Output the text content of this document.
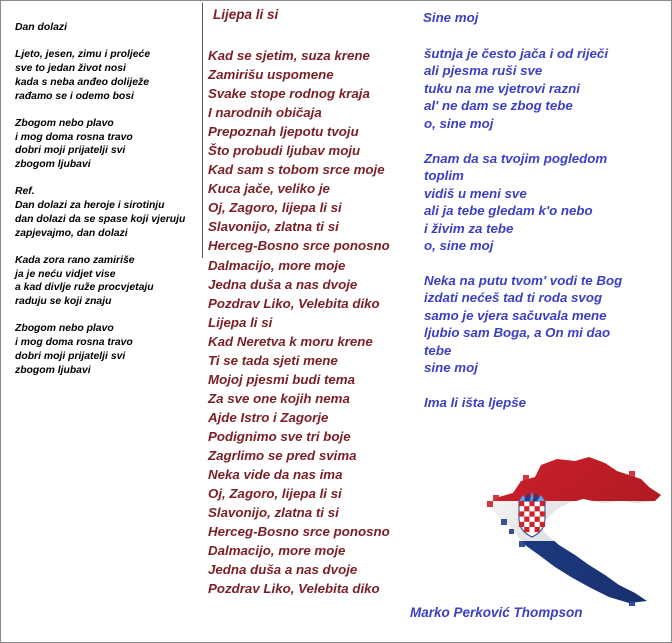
Dan dolazi

Ljeto, jesen, zimu i proljeće
sve to jedan život nosi
kada s neba anđeo doliježe
rađamo se i odemo bosi

Zbogom nebo plavo
i mog doma rosna travo
dobri moji prijatelji svi
zbogom ljubavi

Ref.
Dan dolazi za heroje i sirotinju
dan dolazi da se spase koji vjeruju
zapjevajmo, dan dolazi

Kada zora rano zamiriše
ja je neću vidjet vise
a kad divlje ruže procvjetaju
raduju se koji znaju

Zbogom nebo plavo
i mog doma rosna travo
dobri moji prijatelji svi
zbogom ljubavi
Lijepa li si
Kad se sjetim, suza krene
Zamirišu uspomene
Svake stope rodnog kraja
I narodnih običaja
Prepoznah ljepotu tvoju
Što probudi ljubav moju
Kad sam s tobom srce moje
Kuca jače, veliko je
Oj, Zagoro, lijepa li si
Slavonijo, zlatna ti si
Herceg-Bosno srce ponosno
Dalmacijo, more moje
Jedna duša a nas dvoje
Pozdrav Liko, Velebita diko
Lijepa li si
Kad Neretva k moru krene
Ti se tada sjeti mene
Mojoj pjesmi budi tema
Za sve one kojih nema
Ajde Istro i Zagorje
Podignimo sve tri boje
Zagrlimo se pred svima
Neka vide da nas ima
Oj, Zagoro, lijepa li si
Slavonijo, zlatna ti si
Herceg-Bosno srce ponosno
Dalmacijo, more moje
Jedna duša a nas dvoje
Pozdrav Liko, Velebita diko
Sine moj
šutnja je često jača i od riječi
ali pjesma ruši sve
tuku na me vjetrovi razni
al' ne dam se zbog tebe
o, sine moj

Znam da sa tvojim pogledom
toplim
vidiš u meni sve
ali ja tebe gledam k'o nebo
i živim za tebe
o, sine moj

Neka na putu tvom' vodi te Bog
izdati nećeš tad ti roda svog
samo je vjera sačuvala mene
ljubio sam Boga, a On mi dao
tebe
sine moj

Ima li išta ljepše
Marko Perković Thompson
